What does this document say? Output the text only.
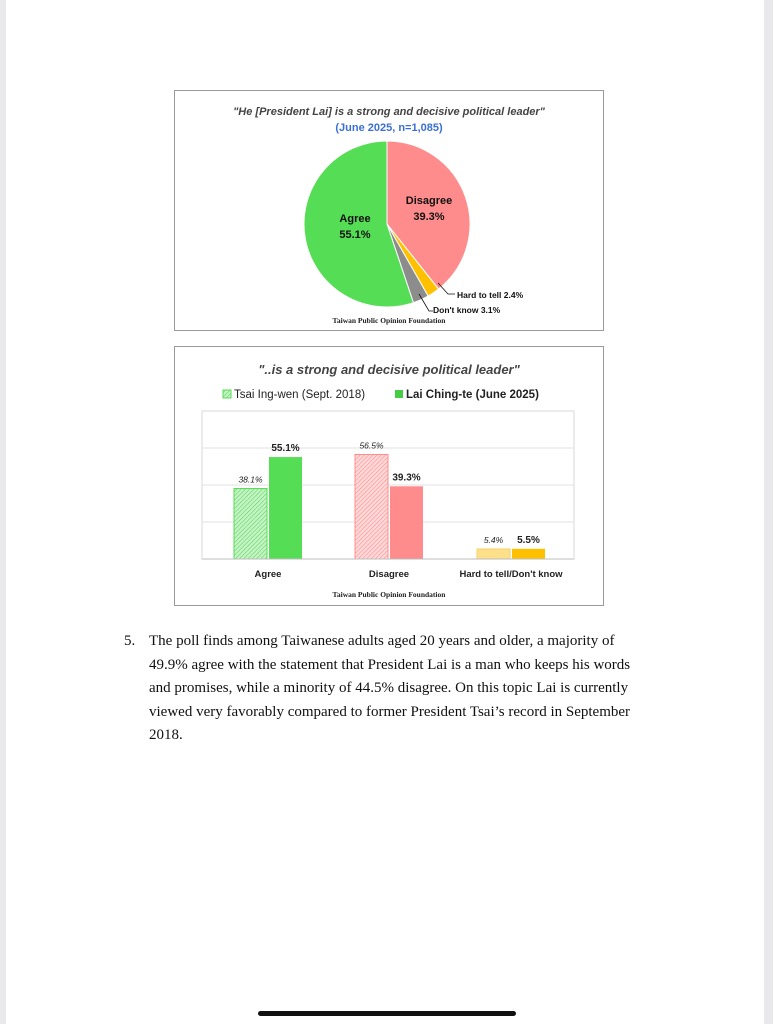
"He [President Lai] is a strong and decisive political leader"
(June 2025, n=1,085)
Agree
55.1%
Disagree
39.3%
Hard to tell 2.4%
Don't know 3.1%
Taiwan Public Opinion Foundation
"..is a strong and decisive political leader"
Tsai Ing-wen (Sept. 2018)	Lai Ching-te (June 2025)
38.1%
56.5%
5.4%
55.1%
39.3%
5.5%
Taiwan Public Opinion Foundation
Agree	Disagree	Hard to tell/Don't know
5. The poll finds among Taiwanese adults aged 20 years and older, a majority of
49.9% agree with the statement that President Lai is a man who keeps his words
and promises, while a minority of 44.5% disagree. On this topic Lai is currently
viewed very favorably compared to former President Tsai’s record in September
2018.
